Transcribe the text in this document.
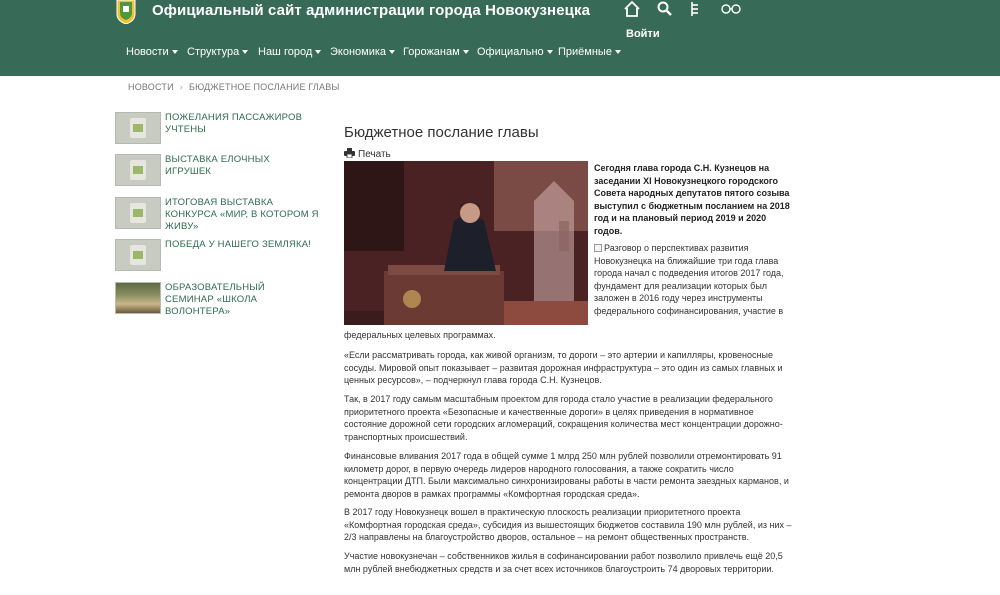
Официальный сайт администрации города Новокузнецка
Войти
Новости	Структура	Наш город	Экономика	Горожанам	Официально	Приёмные
НОВОСТИ › БЮДЖЕТНОЕ ПОСЛАНИЕ ГЛАВЫ
ПОЖЕЛАНИЯ ПАССАЖИРОВ УЧТЕНЫ
ВЫСТАВКА ЕЛОЧНЫХ ИГРУШЕК
ИТОГОВАЯ ВЫСТАВКА КОНКУРСА «МИР, В КОТОРОМ Я ЖИВУ»
ПОБЕДА У НАШЕГО ЗЕМЛЯКА!
ОБРАЗОВАТЕЛЬНЫЙ СЕМИНАР «ШКОЛА ВОЛОНТЕРА»
Бюджетное послание главы
Печать
Сегодня глава города С.Н. Кузнецов на заседании XI Новокузнецкого городского Совета народных депутатов пятого созыва выступил с бюджетным посланием на 2018 год и на плановый период 2019 и 2020 годов.
Разговор о перспективах развития Новокузнецка на ближайшие три года глава города начал с подведения итогов 2017 года, фундамент для реализации которых был заложен в 2016 году через инструменты федерального софинансирования, участие в
федеральных целевых программах.
«Если рассматривать города, как живой организм, то дороги – это артерии и капилляры, кровеносные сосуды. Мировой опыт показывает – развитая дорожная инфраструктура – это один из самых главных и ценных ресурсов», – подчеркнул глава города С.Н. Кузнецов.
Так, в 2017 году самым масштабным проектом для города стало участие в реализации федерального приоритетного проекта «Безопасные и качественные дороги» в целях приведения в нормативное состояние дорожной сети городских агломераций, сокращения количества мест концентрации дорожно-транспортных происшествий.
Финансовые вливания 2017 года в общей сумме 1 млрд 250 млн рублей позволили отремонтировать 91 километр дорог, в первую очередь лидеров народного голосования, а также сократить число концентрации ДТП. Были максимально синхронизированы работы в части ремонта заездных карманов, и ремонта дворов в рамках программы «Комфортная городская среда».
В 2017 году Новокузнецк вошел в практическую плоскость реализации приоритетного проекта «Комфортная городская среда», субсидия из вышестоящих бюджетов составила 190 млн рублей, из них – 2/3 направлены на благоустройство дворов, остальное – на ремонт общественных пространств.
Участие новокузнечан – собственников жилья в софинансировании работ позволило привлечь ещё 20,5 млн рублей внебюджетных средств и за счет всех источников благоустроить 74 дворовых территории.
